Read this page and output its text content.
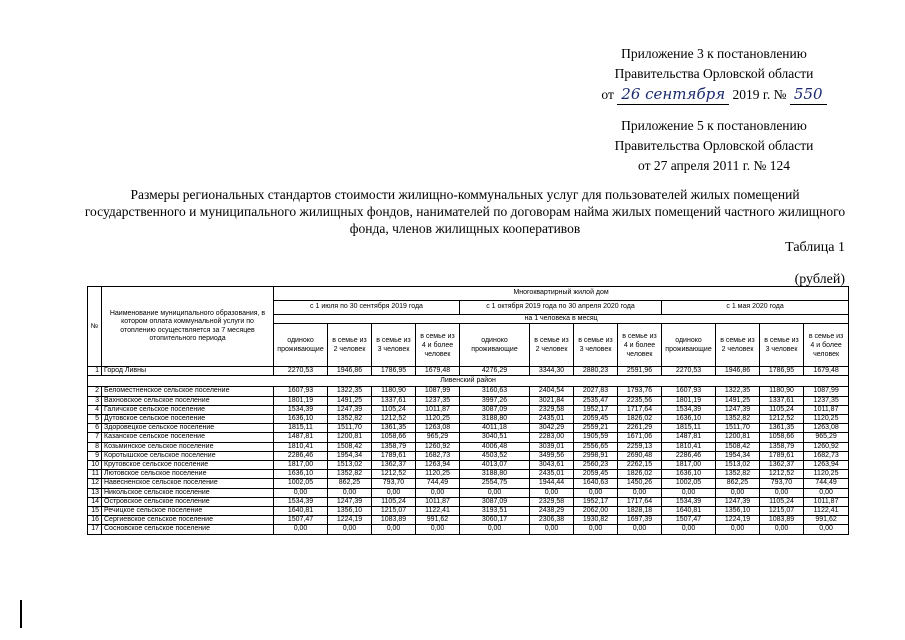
Приложение 3 к постановлению
Правительства Орловской области
от 26 сентября 2019 г. № 550
Приложение 5 к постановлению
Правительства Орловской области
от 27 апреля 2011 г. № 124
Размеры региональных стандартов стоимости жилищно-коммунальных услуг для пользователей жилых помещений государственного и муниципального жилищных фондов, нанимателей по договорам найма жилых помещений частного жилищного фонда, членов жилищных кооперативов
Таблица 1
(рублей)
№	Наименование муниципального образования, в котором оплата коммунальной услуги по отоплению осуществляется за 7 месяцев отопительного периода	Многоквартирный жилой дом											
		с 1 июля по 30 сентября 2019 года				с 1 октября 2019 года по 30 апреля 2020 года				с 1 мая 2020 года			
		на 1 человека в месяц											
		одиноко проживающие	в семье из 2 человек	в семье из 3 человек	в семье из 4 и более человек	одиноко проживающие	в семье из 2 человек	в семье из 3 человек	в семье из 4 и более человек	одиноко проживающие	в семье из 2 человек	в семье из 3 человек	в семье из 4 и более человек
1	Город Ливны	2270,53	1946,86	1786,95	1679,48	4276,29	3344,30	2880,23	2591,96	2270,53	1946,86	1786,95	1679,48
Ливенский район													
2	Беломестненское сельское поселение	1607,93	1322,35	1180,90	1087,99	3160,63	2404,54	2027,83	1793,76	1607,93	1322,35	1180,90	1087,99
3	Вахновское сельское поселение	1801,19	1491,25	1337,61	1237,35	3997,26	3021,84	2535,47	2235,56	1801,19	1491,25	1337,61	1237,35
4	Галичское сельское поселение	1534,39	1247,39	1105,24	1011,87	3087,09	2329,58	1952,17	1717,64	1534,39	1247,39	1105,24	1011,87
5	Дутовское сельское поселение	1636,10	1352,82	1212,52	1120,25	3188,80	2435,01	2059,45	1826,02	1636,10	1352,82	1212,52	1120,25
6	Здоровецкое сельское поселение	1815,11	1511,70	1361,35	1263,08	4011,18	3042,29	2559,21	2261,29	1815,11	1511,70	1361,35	1263,08
7	Казанское сельское поселение	1487,81	1200,81	1058,66	965,29	3040,51	2283,00	1905,59	1671,06	1487,81	1200,81	1058,66	965,29
8	Козьминское сельское поселение	1810,41	1508,42	1358,79	1260,92	4006,48	3039,01	2556,65	2259,13	1810,41	1508,42	1358,79	1260,92
9	Коротышское сельское поселение	2286,46	1954,34	1789,61	1682,73	4503,52	3499,56	2998,91	2690,48	2286,46	1954,34	1789,61	1682,73
10	Крутовское сельское поселение	1817,00	1513,02	1362,37	1263,94	4013,07	3043,61	2560,23	2262,15	1817,00	1513,02	1362,37	1263,94
11	Лютовское сельское поселение	1636,10	1352,82	1212,52	1120,25	3188,80	2435,01	2059,45	1826,02	1636,10	1352,82	1212,52	1120,25
12	Навесненское сельское поселение	1002,05	862,25	793,70	744,49	2554,75	1944,44	1640,63	1450,26	1002,05	862,25	793,70	744,49
13	Никольское сельское поселение	0,00	0,00	0,00	0,00	0,00	0,00	0,00	0,00	0,00	0,00	0,00	0,00
14	Островское сельское поселение	1534,39	1247,39	1105,24	1011,87	3087,09	2329,58	1952,17	1717,64	1534,39	1247,39	1105,24	1011,87
15	Речицкое сельское поселение	1640,81	1356,10	1215,07	1122,41	3193,51	2438,29	2062,00	1828,18	1640,81	1356,10	1215,07	1122,41
16	Сергиевское сельское поселение	1507,47	1224,19	1083,89	991,62	3060,17	2306,38	1930,82	1697,39	1507,47	1224,19	1083,89	991,62
17	Сосновское сельское поселение	0,00	0,00	0,00	0,00	0,00	0,00	0,00	0,00	0,00	0,00	0,00	0,00
